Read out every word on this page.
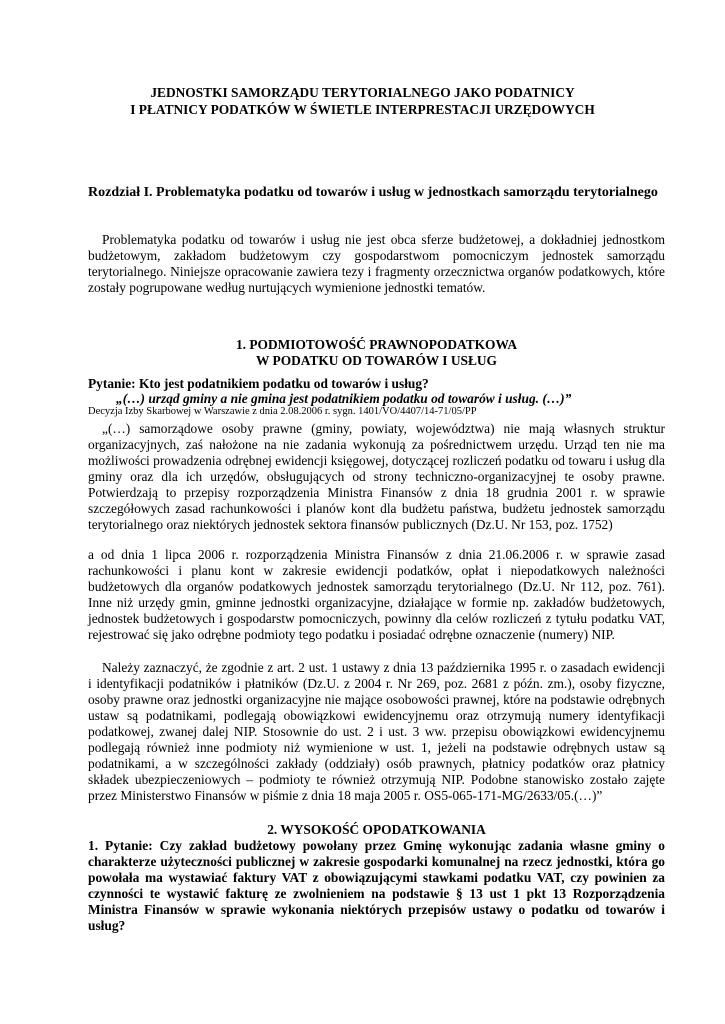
JEDNOSTKI SAMORZĄDU TERYTORIALNEGO JAKO PODATNICY
I PŁATNICY PODATKÓW W ŚWIETLE INTERPRESTACJI URZĘDOWYCH
Rozdział I. Problematyka podatku od towarów i usług w jednostkach samorządu terytorialnego

Problematyka podatku od towarów i usług nie jest obca sferze budżetowej, a dokładniej jednostkom budżetowym, zakładom budżetowym czy gospodarstwom pomocniczym jednostek samorządu terytorialnego. Niniejsze opracowanie zawiera tezy i fragmenty orzecznictwa organów podatkowych, które zostały pogrupowane według nurtujących wymienione jednostki tematów.

1. PODMIOTOWOŚĆ PRAWNOPODATKOWA
W PODATKU OD TOWARÓW I USŁUG
Pytanie: Kto jest podatnikiem podatku od towarów i usług?
„(…) urząd gminy a nie gmina jest podatnikiem podatku od towarów i usług. (…)”
Decyzja Izby Skarbowej w Warszawie z dnia 2.08.2006 r. sygn. 1401/VO/4407/14-71/05/PP

„(…) samorządowe osoby prawne (gminy, powiaty, województwa) nie mają własnych struktur organizacyjnych, zaś nałożone na nie zadania wykonują za pośrednictwem urzędu. Urząd ten nie ma możliwości prowadzenia odrębnej ewidencji księgowej, dotyczącej rozliczeń podatku od towaru i usług dla gminy oraz dla ich urzędów, obsługujących od strony techniczno-organizacyjnej te osoby prawne. Potwierdzają to przepisy rozporządzenia Ministra Finansów z dnia 18 grudnia 2001 r. w sprawie szczegółowych zasad rachunkowości i planów kont dla budżetu państwa, budżetu jednostek samorządu terytorialnego oraz niektórych jednostek sektora finansów publicznych (Dz.U. Nr 153, poz. 1752)

a od dnia 1 lipca 2006 r. rozporządzenia Ministra Finansów z dnia 21.06.2006 r. w sprawie zasad rachunkowości i planu kont w zakresie ewidencji podatków, opłat i niepodatkowych należności budżetowych dla organów podatkowych jednostek samorządu terytorialnego (Dz.U. Nr 112, poz. 761). Inne niż urzędy gmin, gminne jednostki organizacyjne, działające w formie np. zakładów budżetowych, jednostek budżetowych i gospodarstw pomocniczych, powinny dla celów rozliczeń z tytułu podatku VAT, rejestrować się jako odrębne podmioty tego podatku i posiadać odrębne oznaczenie (numery) NIP.

Należy zaznaczyć, że zgodnie z art. 2 ust. 1 ustawy z dnia 13 października 1995 r. o zasadach ewidencji i identyfikacji podatników i płatników (Dz.U. z 2004 r. Nr 269, poz. 2681 z późn. zm.), osoby fizyczne, osoby prawne oraz jednostki organizacyjne nie mające osobowości prawnej, które na podstawie odrębnych ustaw są podatnikami, podlegają obowiązkowi ewidencyjnemu oraz otrzymują numery identyfikacji podatkowej, zwanej dalej NIP. Stosownie do ust. 2 i ust. 3 ww. przepisu obowiązkowi ewidencyjnemu podlegają również inne podmioty niż wymienione w ust. 1, jeżeli na podstawie odrębnych ustaw są podatnikami, a w szczególności zakłady (oddziały) osób prawnych, płatnicy podatków oraz płatnicy składek ubezpieczeniowych – podmioty te również otrzymują NIP. Podobne stanowisko zostało zajęte przez Ministerstwo Finansów w piśmie z dnia 18 maja 2005 r. OS5-065-171-MG/2633/05.(…)”

2. WYSOKOŚĆ OPODATKOWANIA

1. Pytanie: Czy zakład budżetowy powołany przez Gminę wykonując zadania własne gminy o charakterze użyteczności publicznej w zakresie gospodarki komunalnej na rzecz jednostki, która go powołała ma wystawiać faktury VAT z obowiązującymi stawkami podatku VAT, czy powinien za czynności te wystawić fakturę ze zwolnieniem na podstawie § 13 ust 1 pkt 13 Rozporządzenia Ministra Finansów w sprawie wykonania niektórych przepisów ustawy o podatku od towarów i usług?
